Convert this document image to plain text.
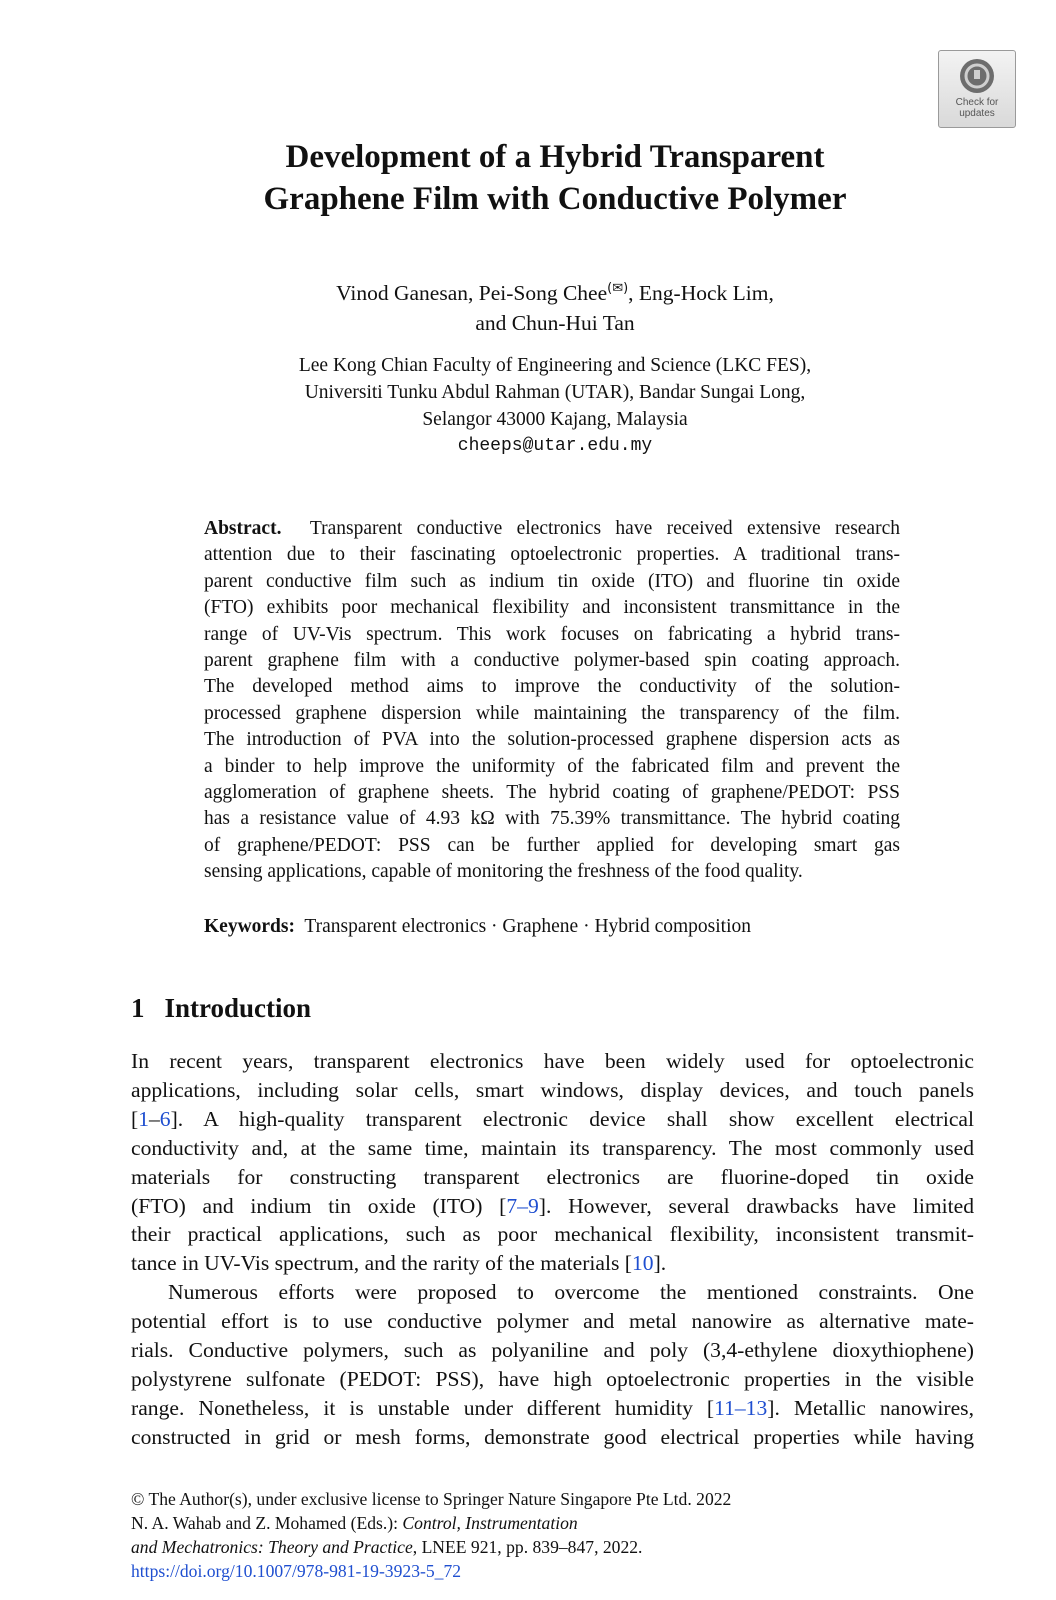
Check for
updates
Development of a Hybrid Transparent
Graphene Film with Conductive Polymer
Vinod Ganesan, Pei-Song Chee(✉), Eng-Hock Lim,
and Chun-Hui Tan
Lee Kong Chian Faculty of Engineering and Science (LKC FES),
Universiti Tunku Abdul Rahman (UTAR), Bandar Sungai Long,
Selangor 43000 Kajang, Malaysia
cheeps@utar.edu.my
Abstract. Transparent conductive electronics have received extensive research
attention due to their fascinating optoelectronic properties. A traditional trans-
parent conductive film such as indium tin oxide (ITO) and fluorine tin oxide
(FTO) exhibits poor mechanical flexibility and inconsistent transmittance in the
range of UV-Vis spectrum. This work focuses on fabricating a hybrid trans-
parent graphene film with a conductive polymer-based spin coating approach.
The developed method aims to improve the conductivity of the solution-
processed graphene dispersion while maintaining the transparency of the film.
The introduction of PVA into the solution-processed graphene dispersion acts as
a binder to help improve the uniformity of the fabricated film and prevent the
agglomeration of graphene sheets. The hybrid coating of graphene/PEDOT: PSS
has a resistance value of 4.93 kΩ with 75.39% transmittance. The hybrid coating
of graphene/PEDOT: PSS can be further applied for developing smart gas
sensing applications, capable of monitoring the freshness of the food quality.
Keywords: Transparent electronics · Graphene · Hybrid composition
1 Introduction
In recent years, transparent electronics have been widely used for optoelectronic
applications, including solar cells, smart windows, display devices, and touch panels
[1–6]. A high-quality transparent electronic device shall show excellent electrical
conductivity and, at the same time, maintain its transparency. The most commonly used
materials for constructing transparent electronics are fluorine-doped tin oxide
(FTO) and indium tin oxide (ITO) [7–9]. However, several drawbacks have limited
their practical applications, such as poor mechanical flexibility, inconsistent transmit-
tance in UV-Vis spectrum, and the rarity of the materials [10].
Numerous efforts were proposed to overcome the mentioned constraints. One
potential effort is to use conductive polymer and metal nanowire as alternative mate-
rials. Conductive polymers, such as polyaniline and poly (3,4-ethylene dioxythiophene)
polystyrene sulfonate (PEDOT: PSS), have high optoelectronic properties in the visible
range. Nonetheless, it is unstable under different humidity [11–13]. Metallic nanowires,
constructed in grid or mesh forms, demonstrate good electrical properties while having
© The Author(s), under exclusive license to Springer Nature Singapore Pte Ltd. 2022
N. A. Wahab and Z. Mohamed (Eds.): Control, Instrumentation
and Mechatronics: Theory and Practice, LNEE 921, pp. 839–847, 2022.
https://doi.org/10.1007/978-981-19-3923-5_72
